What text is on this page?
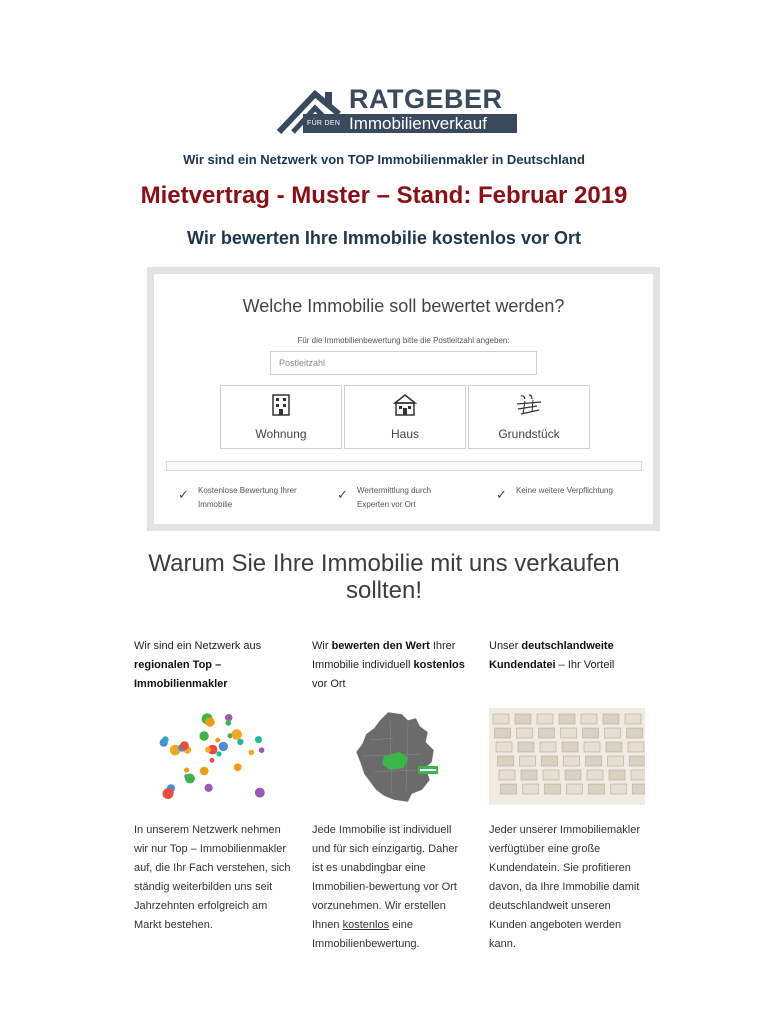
RATGEBER
FÜR DEN Immobilienverkauf
Wir sind ein Netzwerk von TOP Immobilienmakler in Deutschland
Mietvertrag - Muster – Stand: Februar 2019
Wir bewerten Ihre Immobilie kostenlos vor Ort
Welche Immobilie soll bewertet werden?
Für die Immobilienbewertung bitte die Postleitzahl angeben:
Postleitzahl
Wohnung	Haus	Grundstück
✓ Kostenlose Bewertung Ihrer
Immobilie
✓ Wertermittlung durch
Experten vor Ort
✓ Keine weitere Verpflichtung
Warum Sie Ihre Immobilie mit uns verkaufen
sollten!
Wir sind ein Netzwerk aus
regionalen Top – Immobilienmakler
Wir bewerten den Wert Ihrer Immobilie individuell kostenlos vor Ort
Unser deutschlandweite Kundendatei – Ihr Vorteil
In unserem Netzwerk nehmen wir nur Top – Immobilienmakler auf, die Ihr Fach verstehen, sich ständig weiterbilden uns seit Jahrzehnten erfolgreich am Markt bestehen.
Jede Immobilie ist individuell und für sich einzigartig. Daher ist es unabdingbar eine Immobilien-bewertung vor Ort vorzunehmen. Wir erstellen Ihnen kostenlos eine Immobilienbewertung.
Jeder unserer Immobiliemakler verfügtüber eine große Kundendatein. Sie profitieren davon, da Ihre Immobilie damit deutschlandweit unseren Kunden angeboten werden kann.
